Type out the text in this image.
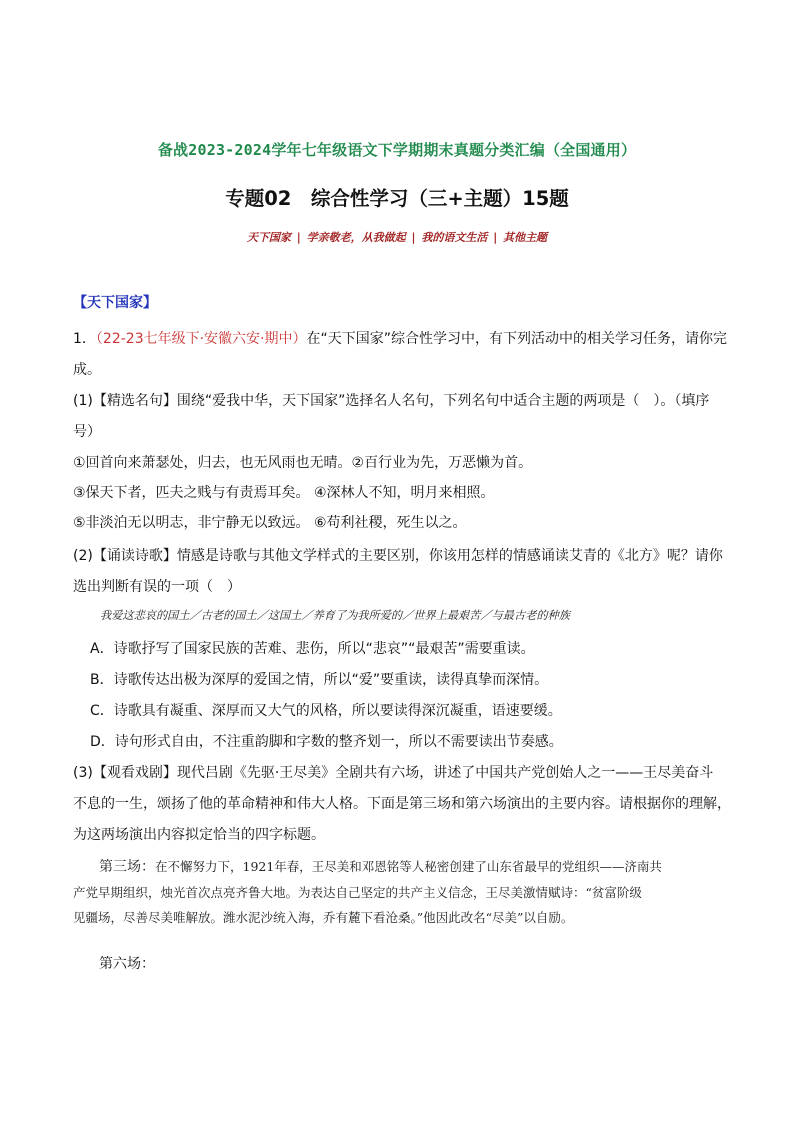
备战2023-2024学年七年级语文下学期期末真题分类汇编（全国通用）
专题02　综合性学习（三+主题）15题
天下国家 | 学亲敬老，从我做起 | 我的语文生活 | 其他主题
【天下国家】
1．（22-23七年级下·安徽六安·期中）在“天下国家”综合性学习中，有下列活动中的相关学习任务，请你完
成。
(1)【精选名句】围绕“爱我中华，天下国家”选择名人名句，下列名句中适合主题的两项是（　）。（填序
号）
①回首向来萧瑟处，归去，也无风雨也无晴。②百行业为先，万恶懒为首。
③保天下者，匹夫之贱与有责焉耳矣。 ④深林人不知，明月来相照。
⑤非淡泊无以明志，非宁静无以致远。 ⑥苟利社稷，死生以之。
(2)【诵读诗歌】情感是诗歌与其他文学样式的主要区别，你该用怎样的情感诵读艾青的《北方》呢？请你
选出判断有误的一项（　）
我爱这悲哀的国土／古老的国土／这国土／养育了为我所爱的／世界上最艰苦／与最古老的种族
A．诗歌抒写了国家民族的苦难、悲伤，所以“悲哀”“最艰苦”需要重读。
B．诗歌传达出极为深厚的爱国之情，所以“爱”要重读，读得真挚而深情。
C．诗歌具有凝重、深厚而又大气的风格，所以要读得深沉凝重，语速要缓。
D．诗句形式自由，不注重韵脚和字数的整齐划一，所以不需要读出节奏感。
(3)【观看戏剧】现代吕剧《先驱·王尽美》全剧共有六场，讲述了中国共产党创始人之一——王尽美奋斗
不息的一生，颂扬了他的革命精神和伟大人格。下面是第三场和第六场演出的主要内容。请根据你的理解，
为这两场演出内容拟定恰当的四字标题。
第三场：在不懈努力下，1921年春，王尽美和邓恩铭等人秘密创建了山东省最早的党组织——济南共
产党早期组织，烛光首次点亮齐鲁大地。为表达自己坚定的共产主义信念，王尽美激情赋诗：“贫富阶级
见疆场，尽善尽美唯解放。潍水泥沙统入海，乔有麓下看沧桑。”他因此改名“尽美”以自励。
第六场：
